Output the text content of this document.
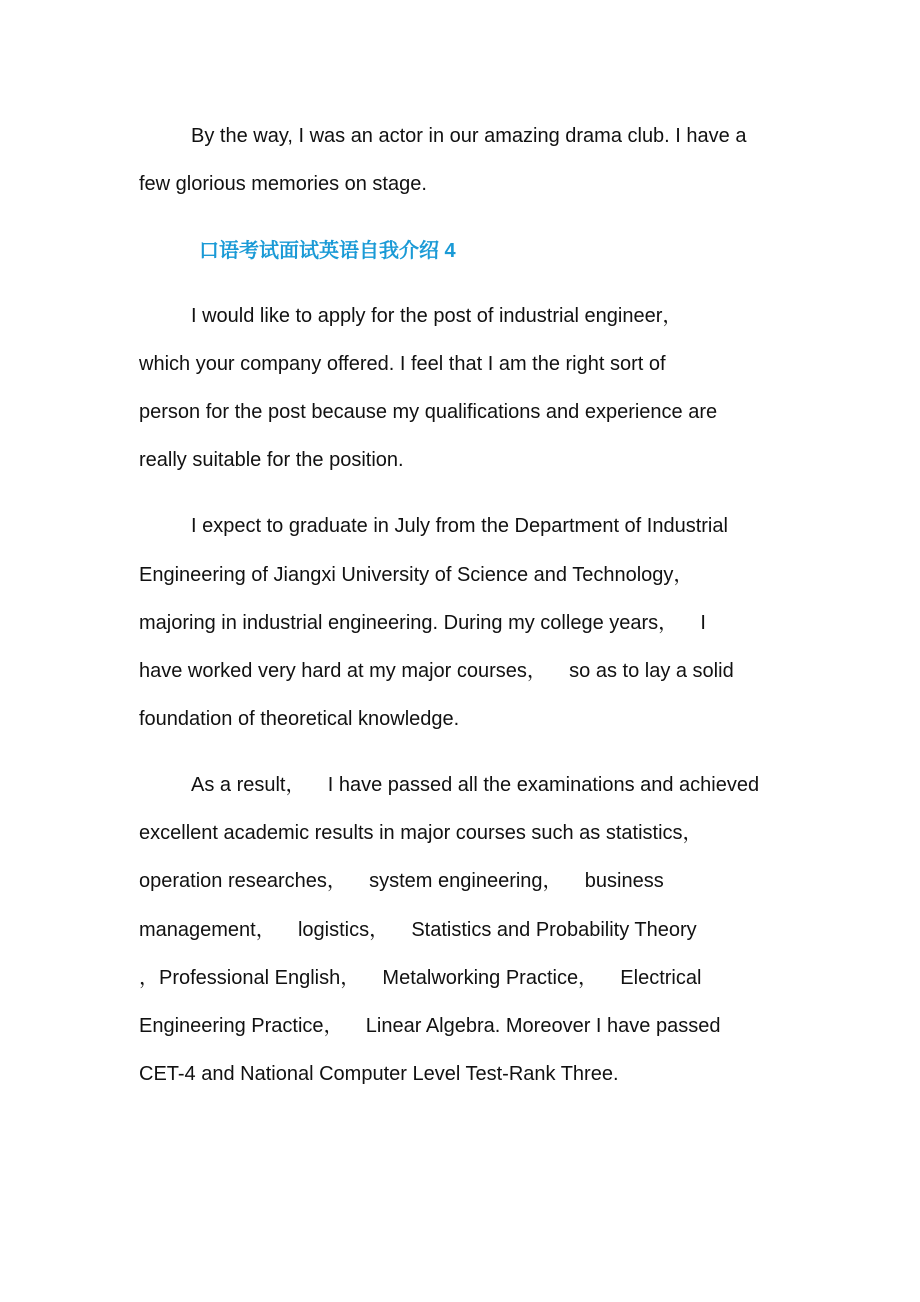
By the way, I was an actor in our amazing drama club. I have a

few glorious memories on stage.

口语考试面试英语自我介绍 4

I would like to apply for the post of industrial engineer，

which your company offered. I feel that I am the right sort of

person for the post because my qualifications and experience are

really suitable for the position.

I expect to graduate in July from the Department of Industrial

Engineering of Jiangxi University of Science and Technology，

majoring in industrial engineering. During my college years，    I

have worked very hard at my major courses，    so as to lay a solid

foundation of theoretical knowledge.

As a result，    I have passed all the examinations and achieved

excellent academic results in major courses such as statistics，

operation researches，    system engineering，    business

management，    logistics，    Statistics and Probability Theory

，Professional English，    Metalworking Practice，    Electrical

Engineering Practice，    Linear Algebra. Moreover I have passed

CET-4 and National Computer Level Test-Rank Three.
